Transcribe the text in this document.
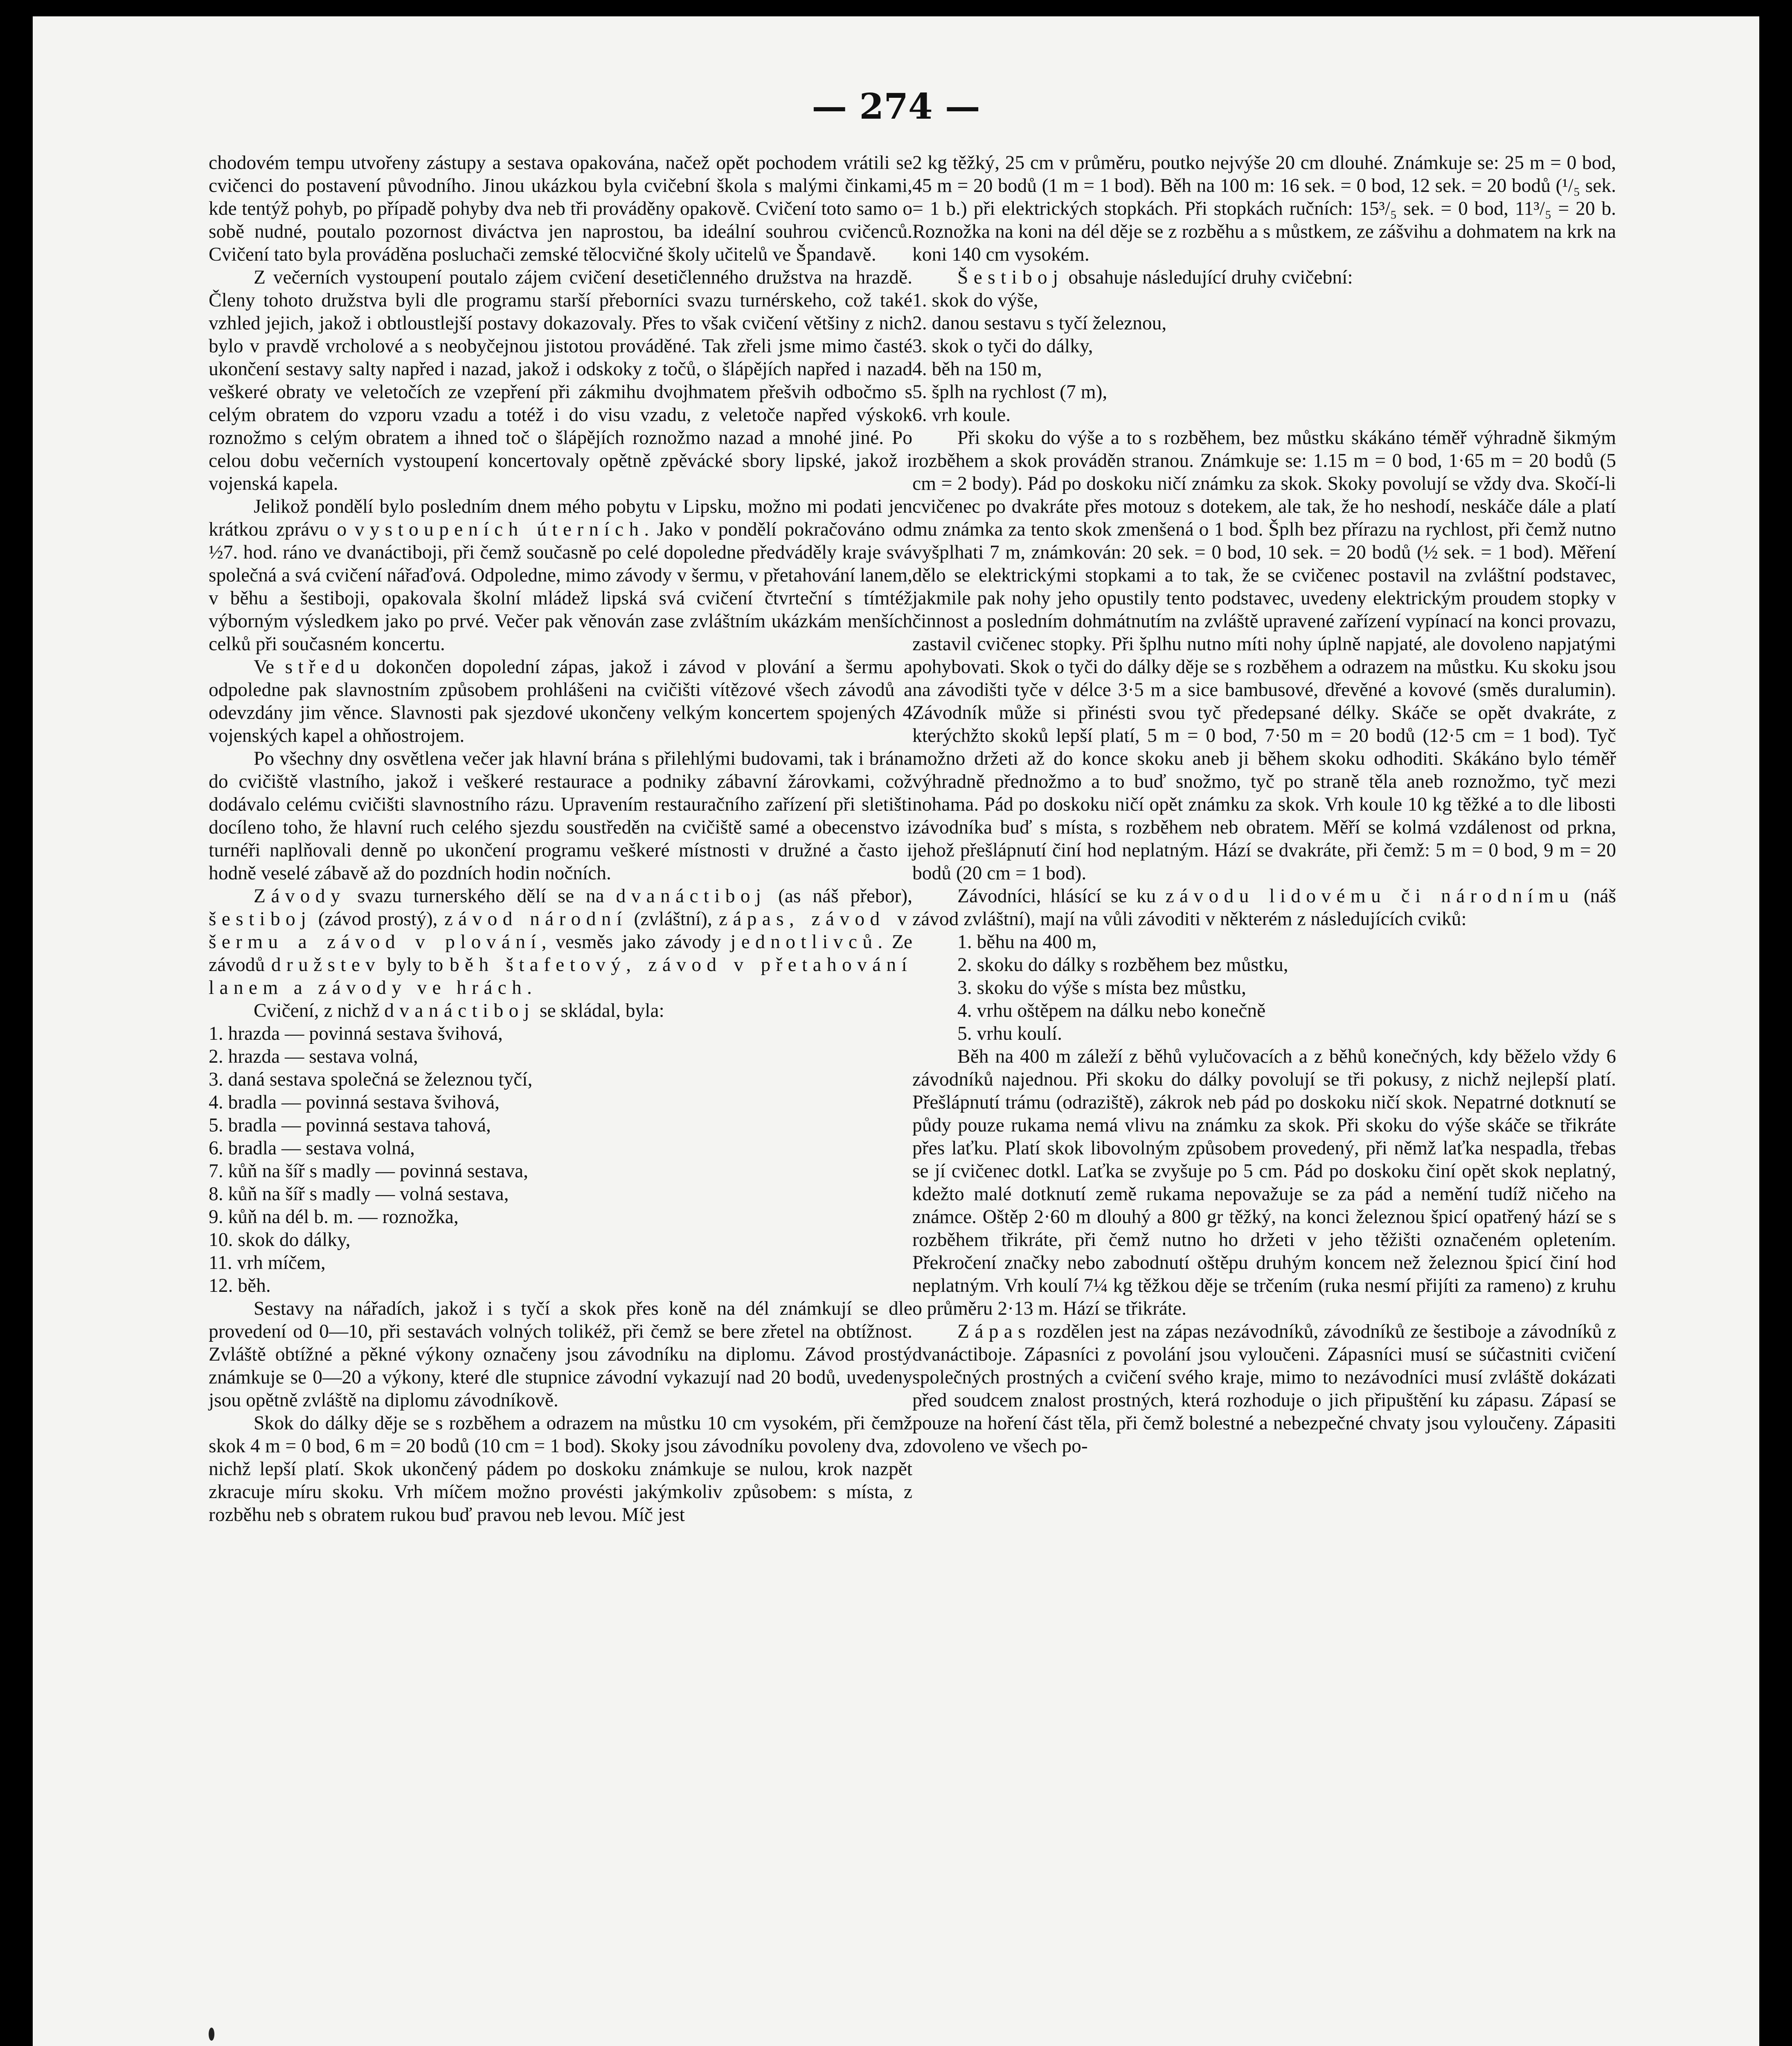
— 274 —

chodovém tempu utvořeny zástupy a sestava opakována, načež opět pochodem vrátili se cvičenci do postavení původního. Jinou ukázkou byla cvičební škola s malými činkami, kde tentýž pohyb, po případě pohyby dva neb tři prováděny opakově. Cvičení toto samo o sobě nudné, poutalo pozornost diváctva jen naprostou, ba ideální souhrou cvičenců. Cvičení tato byla prováděna posluchači zemské tělocvičné školy učitelů ve Špandavě.

Z večerních vystoupení poutalo zájem cvičení desetičlenného družstva na hrazdě. Členy tohoto družstva byli dle programu starší přeborníci svazu turnérskeho, což také vzhled jejich, jakož i obtloustlejší postavy dokazovaly. Přes to však cvičení většiny z nich bylo v pravdě vrcholové a s neobyčejnou jistotou prováděné. Tak zřeli jsme mimo časté ukončení sestavy salty napřed i nazad, jakož i odskoky z točů, o šlápějích napřed i nazad veškeré obraty ve veletočích ze vzepření při zákmihu dvojhmatem přešvih odbočmo s celým obratem do vzporu vzadu a totéž i do visu vzadu, z veletoče napřed výskok roznožmo s celým obratem a ihned toč o šlápějích roznožmo nazad a mnohé jiné. Po celou dobu večerních vystoupení koncertovaly opětně zpěvácké sbory lipské, jakož i vojenská kapela.

Jelikož pondělí bylo posledním dnem mého pobytu v Lipsku, možno mi podati jen krátkou zprávu o vystoupeních úterních. Jako v pondělí pokračováno od ½7. hod. ráno ve dvanáctiboji, při čemž současně po celé dopoledne předváděly kraje svá společná a svá cvičení nářaďová. Odpoledne, mimo závody v šermu, v přetahování lanem, v běhu a šestiboji, opakovala školní mládež lipská svá cvičení čtvrteční s tímtéž výborným výsledkem jako po prvé. Večer pak věnován zase zvláštním ukázkám menších celků při současném koncertu.

Ve středu dokončen dopolední zápas, jakož i závod v plování a šermu a odpoledne pak slavnostním způsobem prohlášeni na cvičišti vítězové všech závodů a odevzdány jim věnce. Slavnosti pak sjezdové ukončeny velkým koncertem spojených 4 vojenských kapel a ohňostrojem.

Po všechny dny osvětlena večer jak hlavní brána s přilehlými budovami, tak i brána do cvičiště vlastního, jakož i veškeré restaurace a podniky zábavní žárovkami, což dodávalo celému cvičišti slavnostního rázu. Upravením restauračního zařízení při sletišti docíleno toho, že hlavní ruch celého sjezdu soustředěn na cvičiště samé a obecenstvo i turnéři naplňovali denně po ukončení programu veškeré místnosti v družné a často i hodně veselé zábavě až do pozdních hodin nočních.

Závody svazu turnerského dělí se na dvanáctiboj (as náš přebor), šestiboj (závod prostý), závod národní (zvláštní), zápas, závod v šermu a závod v plování, vesměs jako závody jednotlivců. Ze závodů družstev byly to běh štafetový, závod v přetahování lanem a závody ve hrách.

Cvičení, z nichž dvanáctiboj se skládal, byla:

1. hrazda — povinná sestava švihová,
2. hrazda — sestava volná,
3. daná sestava společná se železnou tyčí,
4. bradla — povinná sestava švihová,
5. bradla — povinná sestava tahová,
6. bradla — sestava volná,
7. kůň na šíř s madly — povinná sestava,
8. kůň na šíř s madly — volná sestava,
9. kůň na dél b. m. — roznožka,
10. skok do dálky,
11. vrh míčem,
12. běh.

Sestavy na nářadích, jakož i s tyčí a skok přes koně na dél známkují se dle provedení od 0—10, při sestavách volných tolikéž, při čemž se bere zřetel na obtížnost. Zvláště obtížné a pěkné výkony označeny jsou závodníku na diplomu. Závod prostý známkuje se 0—20 a výkony, které dle stupnice závodní vykazují nad 20 bodů, uvedeny jsou opětně zvláště na diplomu závodníkově.

Skok do dálky děje se s rozběhem a odrazem na můstku 10 cm vysokém, při čemž skok 4 m = 0 bod, 6 m = 20 bodů (10 cm = 1 bod). Skoky jsou závodníku povoleny dva, z nichž lepší platí. Skok ukončený pádem po doskoku známkuje se nulou, krok nazpět zkracuje míru skoku. Vrh míčem možno provésti jakýmkoliv způsobem: s místa, z rozběhu neb s obratem rukou buď pravou neb levou. Míč jest

2 kg těžký, 25 cm v průměru, poutko nejvýše 20 cm dlouhé. Známkuje se: 25 m = 0 bod, 45 m = 20 bodů (1 m = 1 bod). Běh na 100 m: 16 sek. = 0 bod, 12 sek. = 20 bodů (¹/₅ sek. = 1 b.) při elektrických stopkách. Při stopkách ručních: 15³/₅ sek. = 0 bod, 11³/₅ = 20 b. Roznožka na koni na dél děje se z rozběhu a s můstkem, ze zášvihu a dohmatem na krk na koni 140 cm vysokém.

Šestiboj obsahuje následující druhy cvičební:

1. skok do výše,
2. danou sestavu s tyčí železnou,
3. skok o tyči do dálky,
4. běh na 150 m,
5. šplh na rychlost (7 m),
6. vrh koule.

Při skoku do výše a to s rozběhem, bez můstku skákáno téměř výhradně šikmým rozběhem a skok prováděn stranou. Známkuje se: 1.15 m = 0 bod, 1·65 m = 20 bodů (5 cm = 2 body). Pád po doskoku ničí známku za skok. Skoky povolují se vždy dva. Skočí-li cvičenec po dvakráte přes motouz s dotekem, ale tak, že ho neshodí, neskáče dále a platí mu známka za tento skok zmenšená o 1 bod. Šplh bez přírazu na rychlost, při čemž nutno vyšplhati 7 m, známkován: 20 sek. = 0 bod, 10 sek. = 20 bodů (½ sek. = 1 bod). Měření dělo se elektrickými stopkami a to tak, že se cvičenec postavil na zvláštní podstavec, jakmile pak nohy jeho opustily tento podstavec, uvedeny elektrickým proudem stopky v činnost a posledním dohmátnutím na zvláště upravené zařízení vypínací na konci provazu, zastavil cvičenec stopky. Při šplhu nutno míti nohy úplně napjaté, ale dovoleno napjatými pohybovati. Skok o tyči do dálky děje se s rozběhem a odrazem na můstku. Ku skoku jsou na závodišti tyče v délce 3·5 m a sice bambusové, dřevěné a kovové (směs duralumin). Závodník může si přinésti svou tyč předepsané délky. Skáče se opět dvakráte, z kterýchžto skoků lepší platí, 5 m = 0 bod, 7·50 m = 20 bodů (12·5 cm = 1 bod). Tyč možno držeti až do konce skoku aneb ji během skoku odhoditi. Skákáno bylo téměř výhradně přednožmo a to buď snožmo, tyč po straně těla aneb roznožmo, tyč mezi nohama. Pád po doskoku ničí opět známku za skok. Vrh koule 10 kg těžké a to dle libosti závodníka buď s místa, s rozběhem neb obratem. Měří se kolmá vzdálenost od prkna, jehož přešlápnutí činí hod neplatným. Hází se dvakráte, při čemž: 5 m = 0 bod, 9 m = 20 bodů (20 cm = 1 bod).

Závodníci, hlásící se ku závodu lidovému či národnímu (náš závod zvláštní), mají na vůli závoditi v některém z následujících cviků:

1. běhu na 400 m,
2. skoku do dálky s rozběhem bez můstku,
3. skoku do výše s místa bez můstku,
4. vrhu oštěpem na dálku nebo konečně
5. vrhu koulí.

Běh na 400 m záleží z běhů vylučovacích a z běhů konečných, kdy běželo vždy 6 závodníků najednou. Při skoku do dálky povolují se tři pokusy, z nichž nejlepší platí. Přešlápnutí trámu (odraziště), zákrok neb pád po doskoku ničí skok. Nepatrné dotknutí se půdy pouze rukama nemá vlivu na známku za skok. Při skoku do výše skáče se třikráte přes laťku. Platí skok libovolným způsobem provedený, při němž laťka nespadla, třebas se jí cvičenec dotkl. Laťka se zvyšuje po 5 cm. Pád po doskoku činí opět skok neplatný, kdežto malé dotknutí země rukama nepovažuje se za pád a nemění tudíž ničeho na známce. Oštěp 2·60 m dlouhý a 800 gr těžký, na konci železnou špicí opatřený hází se s rozběhem třikráte, při čemž nutno ho držeti v jeho těžišti označeném opletením. Překročení značky nebo zabodnutí oštěpu druhým koncem než železnou špicí činí hod neplatným. Vrh koulí 7¼ kg těžkou děje se trčením (ruka nesmí přijíti za rameno) z kruhu o průměru 2·13 m. Hází se třikráte.

Zápas rozdělen jest na zápas nezávodníků, závodníků ze šestiboje a závodníků z dvanáctiboje. Zápasníci z povolání jsou vyloučeni. Zápasníci musí se súčastniti cvičení společných prostných a cvičení svého kraje, mimo to nezávodníci musí zvláště dokázati před soudcem znalost prostných, která rozhoduje o jich připuštění ku zápasu. Zápasí se pouze na hoření část těla, při čemž bolestné a nebezpečné chvaty jsou vyloučeny. Zápasiti dovoleno ve všech po-
